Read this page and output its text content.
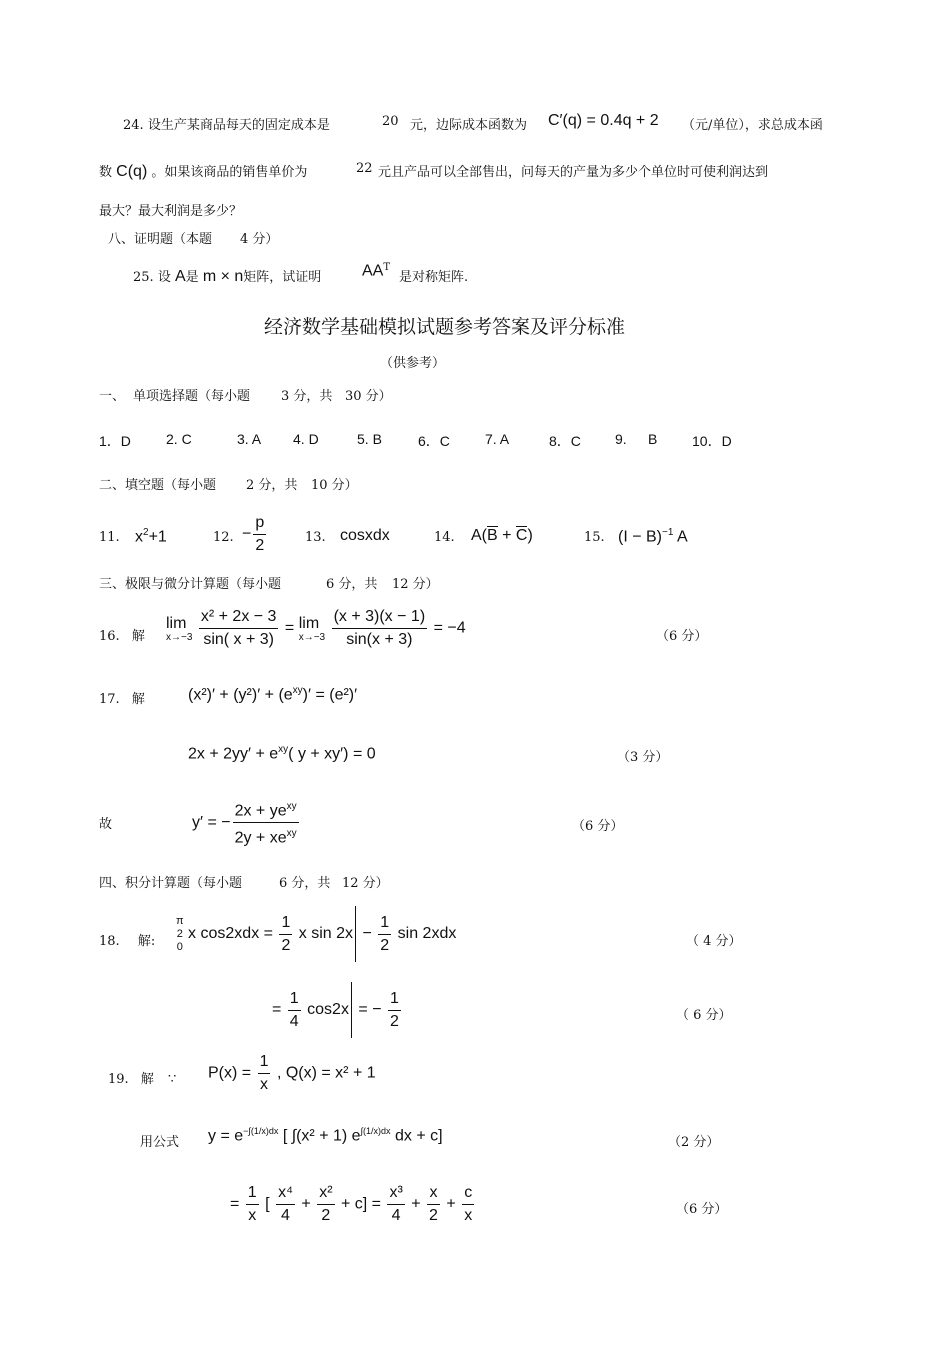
24. 设生产某商品每天的固定成本是	20 元，边际成本函数为 C′(q) = 0.4q + 2 （元/单位），求总成本函
数 C(q) 。如果该商品的销售单价为	22 元且产品可以全部售出，问每天的产量为多少个单位时可使利润达到
最大？最大利润是多少？
八、证明题（本题 4 分）
25. 设 A是 m × n矩阵，试证明	$AA^T$
是对称矩阵.
经济数学基础模拟试题参考答案及评分标准
（供参考）
一、 单项选择题（每小题 3 分，共 30 分）
1．D	2. C	3. A 4. D	5. B	6．C	7. A	8．C 9. B 10．D
二、填空题（每小题 2 分，共 10 分）
11. $x^2+1$	12. − $\frac{p}{2}$	13. cosxdx	14. A(B + C)	15. $(I - B)^{-1}$ A
三、极限与微分计算题（每小题	6 分，共 12 分）
16. 解
lim
x→−3
$\frac{\text{x² + 2x − 3}}{\sin( x + 3)} = \lim$
x→−3
$\frac{(x + 3)(x - 1)}{\sin(x + 3)} = -4$	（6 分）
17. 解	$(x^2)' + (y^2)' + (e^{xy})' = (e^2)'$
$2x + 2yy' + e^{xy}$( y + xy′) = 0	（3 分）
故	y′ = − $\frac{2x + ye^{xy}}{2y + xe^{xy}}$	（6 分）
四、积分计算题（每小题	6 分，共 12 分）
18. 解:
π
2
0
x $\cos 2xdx = \frac{1}{2}$ x $\sin 2x - \frac{1}{2}$ sin 2xdx	（ 4 分）
= $\frac{1}{4} \cos 2x$ = − $\frac{1}{2}$	（ 6 分）
19. 解 ∵ $P(x) = \frac{1}{x}$ , Q(x) = x² + 1
用公式 $y = e^{-\int(1/x)dx}$ [ ∫(x² + 1) $e^{\int(1/x)dx}$ dx + c]	（2 分）
= $\frac{1}{x}$ [ $\frac{\text{x⁴}}{4} + \frac{\text{x²}}{2} + c] = \frac{\text{x³}}{4} + \frac{x}{2} + \frac{c}{x}$	（6 分）
